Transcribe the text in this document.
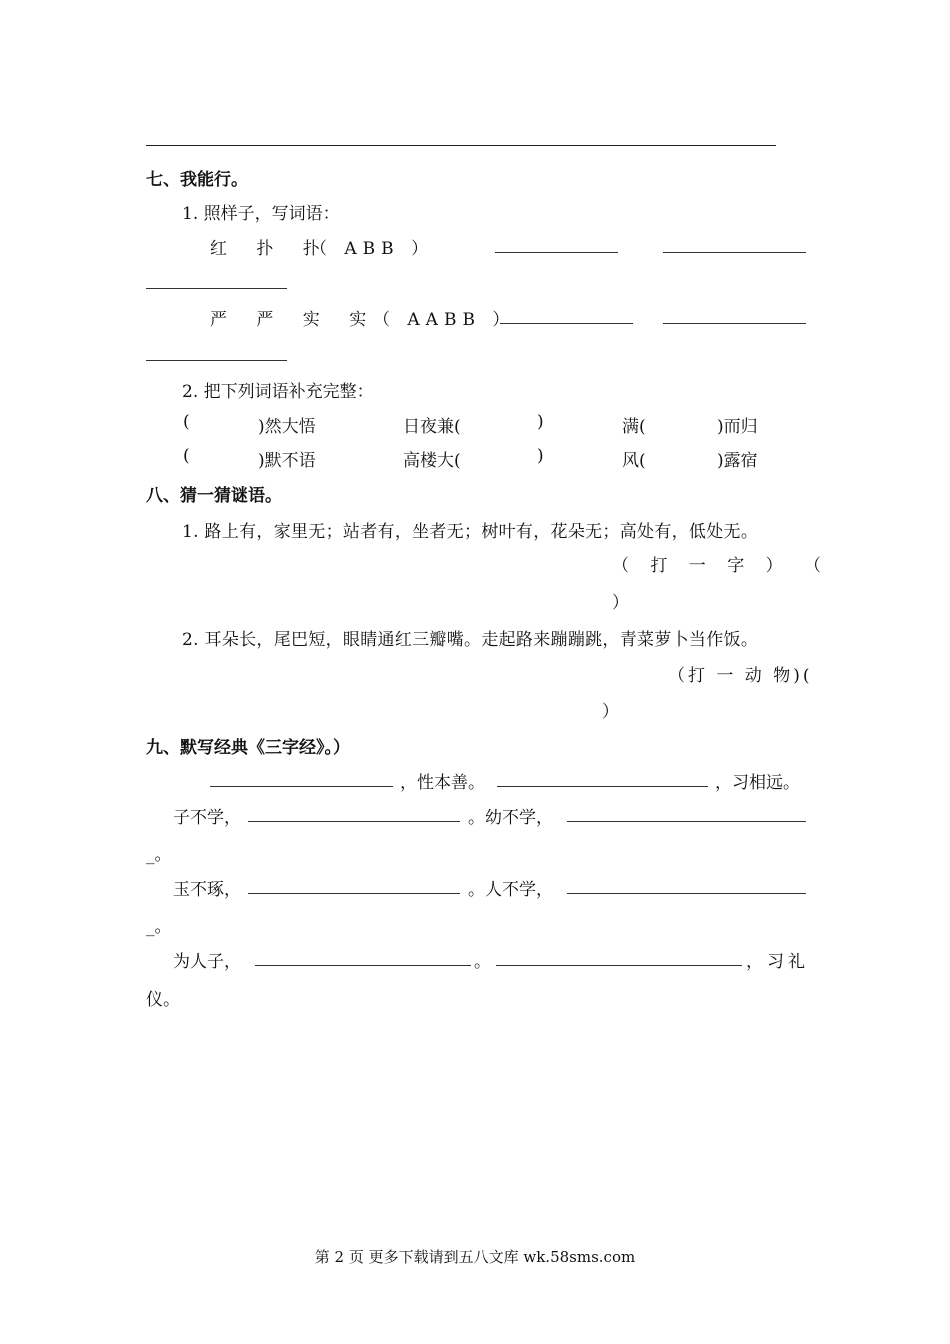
七、我能行。
1. 照样子，写词语：
红 扑 扑
（ ABB ）
严 严 实 实
（ AABB ）
2. 把下列词语补充完整：
(	)然大悟	日夜兼(	)	满(	)而归
(	)默不语	高楼大(	)	风(	)露宿
八、猜一猜谜语。
1. 路上有，家里无；站者有，坐者无；树叶有，花朵无；高处有，低处无。
（ 打 一 字 ） （
）
2. 耳朵长，尾巴短，眼睛通红三瓣嘴。走起路来蹦蹦跳，青菜萝卜当作饭。
（打 一 动 物)(
）
九、默写经典《三字经》。）
，性本善。	，习相远。
子不学，	。幼不学，
_。
玉不琢，	。人不学，
_。
为人子，	。	，习礼
仪。
第 2 页 更多下载请到五八文库 wk.58sms.com
